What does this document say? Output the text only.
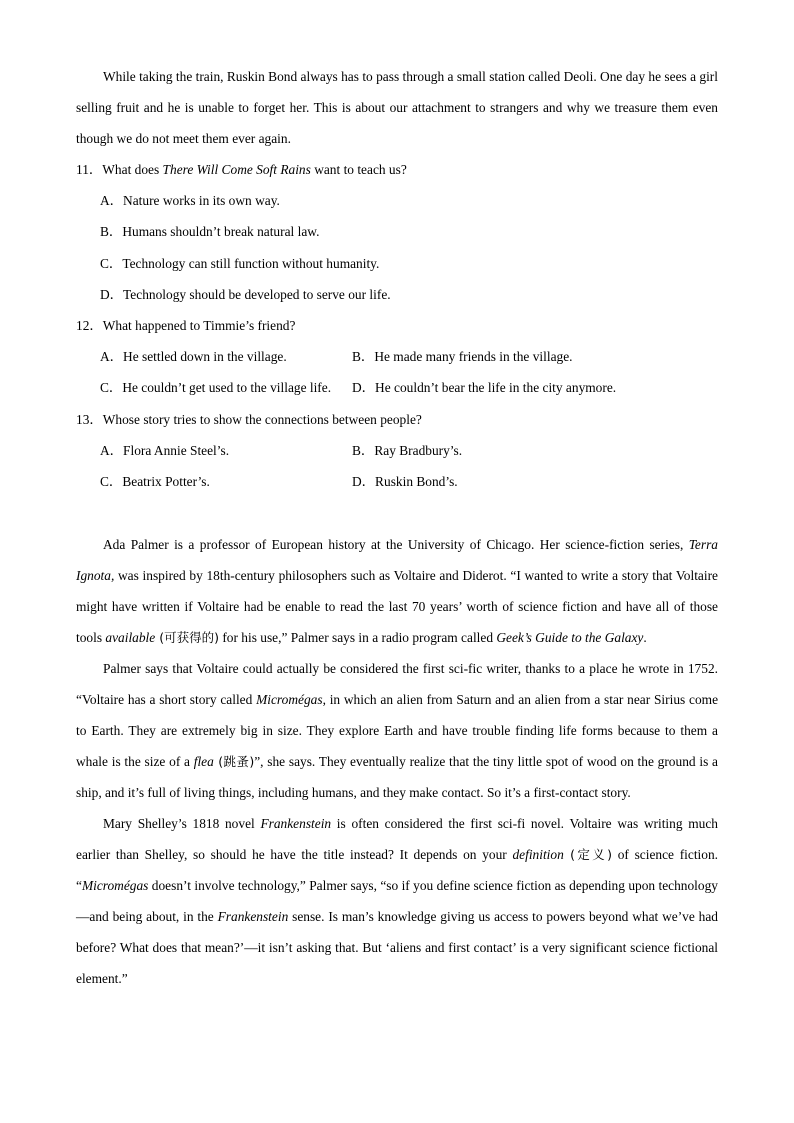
While taking the train, Ruskin Bond always has to pass through a small station called Deoli. One day he sees a girl selling fruit and he is unable to forget her. This is about our attachment to strangers and why we treasure them even though we do not meet them ever again.

11．What does There Will Come Soft Rains want to teach us?
A．Nature works in its own way.
B．Humans shouldn’t break natural law.
C．Technology can still function without humanity.
D．Technology should be developed to serve our life.
12．What happened to Timmie’s friend?
A．He settled down in the village.	B．He made many friends in the village.
C．He couldn’t get used to the village life. D．He couldn’t bear the life in the city anymore.
13．Whose story tries to show the connections between people?
A．Flora Annie Steel’s.	B．Ray Bradbury’s.
C．Beatrix Potter’s.	D．Ruskin Bond’s.

Ada Palmer is a professor of European history at the University of Chicago. Her science-fiction series, Terra Ignota, was inspired by 18th-century philosophers such as Voltaire and Diderot. “I wanted to write a story that Voltaire might have written if Voltaire had be enable to read the last 70 years’ worth of science fiction and have all of those tools available (可获得的) for his use,” Palmer says in a radio program called Geek’s Guide to the Galaxy.

Palmer says that Voltaire could actually be considered the first sci-fic writer, thanks to a place he wrote in 1752. “Voltaire has a short story called Micromégas, in which an alien from Saturn and an alien from a star near Sirius come to Earth. They are extremely big in size. They explore Earth and have trouble finding life forms because to them a whale is the size of a flea (跳蚤)”, she says. They eventually realize that the tiny little spot of wood on the ground is a ship, and it’s full of living things, including humans, and they make contact. So it’s a first-contact story.

Mary Shelley’s 1818 novel Frankenstein is often considered the first sci-fi novel. Voltaire was writing much earlier than Shelley, so should he have the title instead? It depends on your definition (定义) of science fiction. “Micromégas doesn’t involve technology,” Palmer says, “so if you define science fiction as depending upon technology—and being about, in the Frankenstein sense. Is man’s knowledge giving us access to powers beyond what we’ve had before? What does that mean?’—it isn’t asking that. But ‘aliens and first contact’ is a very significant science fictional element.”
